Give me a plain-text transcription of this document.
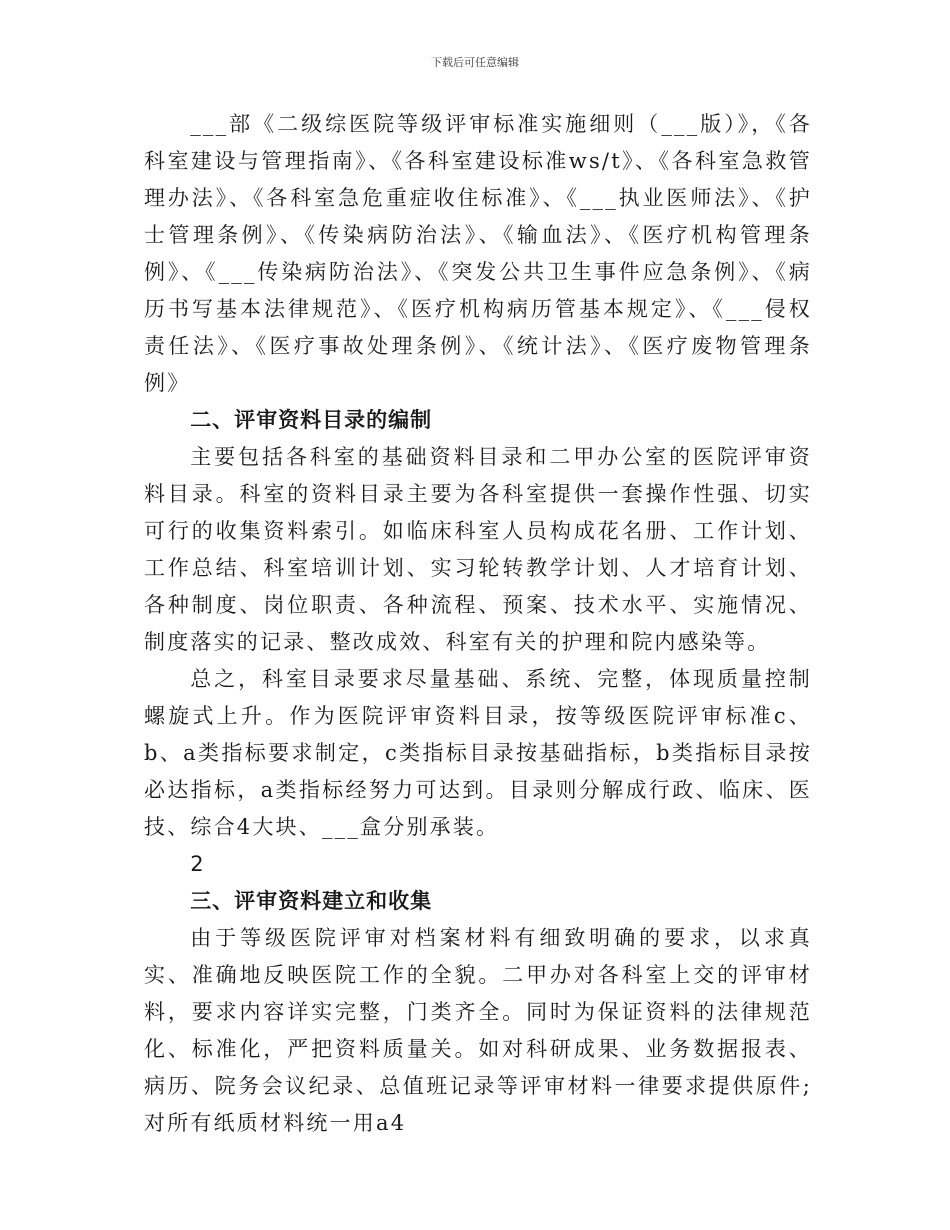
下载后可任意编辑

___部《二级综医院等级评审标准实施细则（___版）》，《各科室建设与管理指南》、《各科室建设标准ws/t》、《各科室急救管理办法》、《各科室急危重症收住标准》、《___执业医师法》、《护士管理条例》、《传染病防治法》、《输血法》、《医疗机构管理条例》、《___传染病防治法》、《突发公共卫生事件应急条例》、《病历书写基本法律规范》、《医疗机构病历管基本规定》、《___侵权责任法》、《医疗事故处理条例》、《统计法》、《医疗废物管理条例》

二、评审资料目录的编制

主要包括各科室的基础资料目录和二甲办公室的医院评审资料目录。科室的资料目录主要为各科室提供一套操作性强、切实可行的收集资料索引。如临床科室人员构成花名册、工作计划、工作总结、科室培训计划、实习轮转教学计划、人才培育计划、各种制度、岗位职责、各种流程、预案、技术水平、实施情况、制度落实的记录、整改成效、科室有关的护理和院内感染等。

总之，科室目录要求尽量基础、系统、完整，体现质量控制螺旋式上升。作为医院评审资料目录，按等级医院评审标准c、b、a类指标要求制定，c类指标目录按基础指标，b类指标目录按必达指标，a类指标经努力可达到。目录则分解成行政、临床、医技、综合4大块、___盒分别承装。

2

三、评审资料建立和收集

由于等级医院评审对档案材料有细致明确的要求，以求真实、准确地反映医院工作的全貌。二甲办对各科室上交的评审材料，要求内容详实完整，门类齐全。同时为保证资料的法律规范化、标准化，严把资料质量关。如对科研成果、业务数据报表、病历、院务会议纪录、总值班记录等评审材料一律要求提供原件;对所有纸质材料统一用a4
